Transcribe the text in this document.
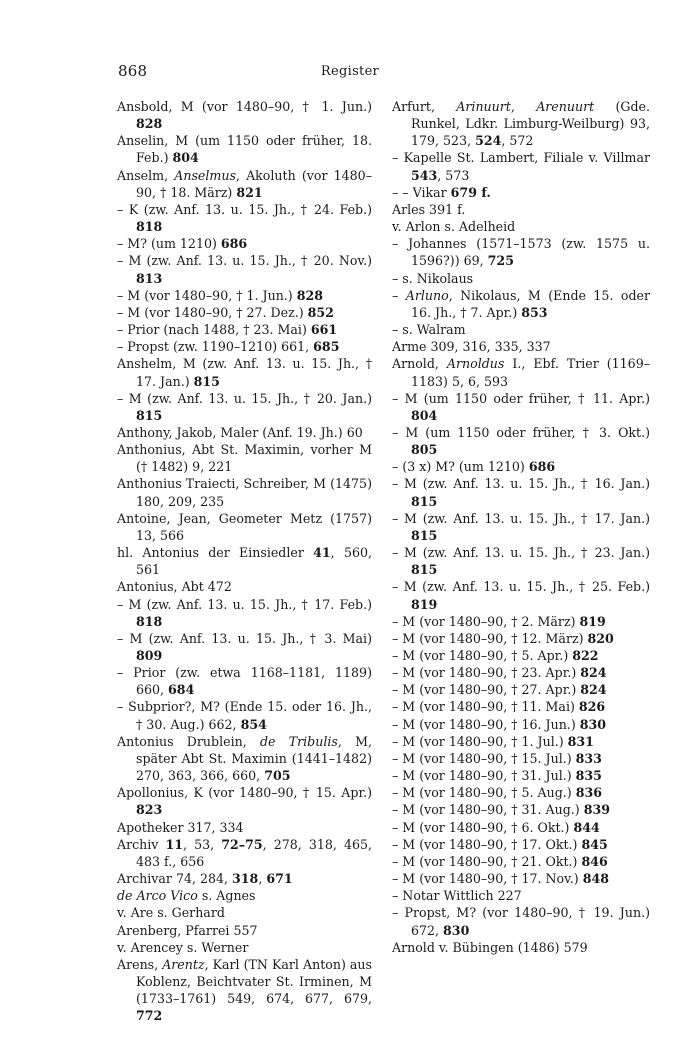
868	Register

Ansbold, M (vor 1480–90, † 1. Jun.) 828

Anselin, M (um 1150 oder früher, 18. Feb.) 804

Anselm, Anselmus, Akoluth (vor 1480–90, † 18. März) 821

– K (zw. Anf. 13. u. 15. Jh., † 24. Feb.) 818

– M? (um 1210) 686

– M (zw. Anf. 13. u. 15. Jh., † 20. Nov.) 813

– M (vor 1480–90, † 1. Jun.) 828

– M (vor 1480–90, † 27. Dez.) 852

– Prior (nach 1488, † 23. Mai) 661

– Propst (zw. 1190–1210) 661, 685

Anshelm, M (zw. Anf. 13. u. 15. Jh., † 17. Jan.) 815

– M (zw. Anf. 13. u. 15. Jh., † 20. Jan.) 815

Anthony, Jakob, Maler (Anf. 19. Jh.) 60

Anthonius, Abt St. Maximin, vorher M († 1482) 9, 221

Anthonius Traiecti, Schreiber, M (1475) 180, 209, 235

Antoine, Jean, Geometer Metz (1757) 13, 566

hl. Antonius der Einsiedler 41, 560, 561

Antonius, Abt 472

– M (zw. Anf. 13. u. 15. Jh., † 17. Feb.) 818

– M (zw. Anf. 13. u. 15. Jh., † 3. Mai) 809

– Prior (zw. etwa 1168–1181, 1189) 660, 684

– Subprior?, M? (Ende 15. oder 16. Jh., † 30. Aug.) 662, 854

Antonius Drublein, de Tribulis, M, später Abt St. Maximin (1441–1482) 270, 363, 366, 660, 705

Apollonius, K (vor 1480–90, † 15. Apr.) 823

Apotheker 317, 334

Archiv 11, 53, 72–75, 278, 318, 465, 483 f., 656

Archivar 74, 284, 318, 671

de Arco Vico s. Agnes

v. Are s. Gerhard

Arenberg, Pfarrei 557

v. Arencey s. Werner

Arens, Arentz, Karl (TN Karl Anton) aus Koblenz, Beichtvater St. Irminen, M (1733–1761) 549, 674, 677, 679, 772

Arfurt, Arinuurt, Arenuurt (Gde. Runkel, Ldkr. Limburg-Weilburg) 93, 179, 523, 524, 572

– Kapelle St. Lambert, Filiale v. Villmar 543, 573

– – Vikar 679 f.

Arles 391 f.

v. Arlon s. Adelheid

– Johannes (1571–1573 (zw. 1575 u. 1596?)) 69, 725

– s. Nikolaus

– Arluno, Nikolaus, M (Ende 15. oder 16. Jh., † 7. Apr.) 853

– s. Walram

Arme 309, 316, 335, 337

Arnold, Arnoldus I., Ebf. Trier (1169–1183) 5, 6, 593

– M (um 1150 oder früher, † 11. Apr.) 804

– M (um 1150 oder früher, † 3. Okt.) 805

– (3 x) M? (um 1210) 686

– M (zw. Anf. 13. u. 15. Jh., † 16. Jan.) 815

– M (zw. Anf. 13. u. 15. Jh., † 17. Jan.) 815

– M (zw. Anf. 13. u. 15. Jh., † 23. Jan.) 815

– M (zw. Anf. 13. u. 15. Jh., † 25. Feb.) 819

– M (vor 1480–90, † 2. März) 819

– M (vor 1480–90, † 12. März) 820

– M (vor 1480–90, † 5. Apr.) 822

– M (vor 1480–90, † 23. Apr.) 824

– M (vor 1480–90, † 27. Apr.) 824

– M (vor 1480–90, † 11. Mai) 826

– M (vor 1480–90, † 16. Jun.) 830

– M (vor 1480–90, † 1. Jul.) 831

– M (vor 1480–90, † 15. Jul.) 833

– M (vor 1480–90, † 31. Jul.) 835

– M (vor 1480–90, † 5. Aug.) 836

– M (vor 1480–90, † 31. Aug.) 839

– M (vor 1480–90, † 6. Okt.) 844

– M (vor 1480–90, † 17. Okt.) 845

– M (vor 1480–90, † 21. Okt.) 846

– M (vor 1480–90, † 17. Nov.) 848

– Notar Wittlich 227

– Propst, M? (vor 1480–90, † 19. Jun.) 672, 830

Arnold v. Bübingen (1486) 579
